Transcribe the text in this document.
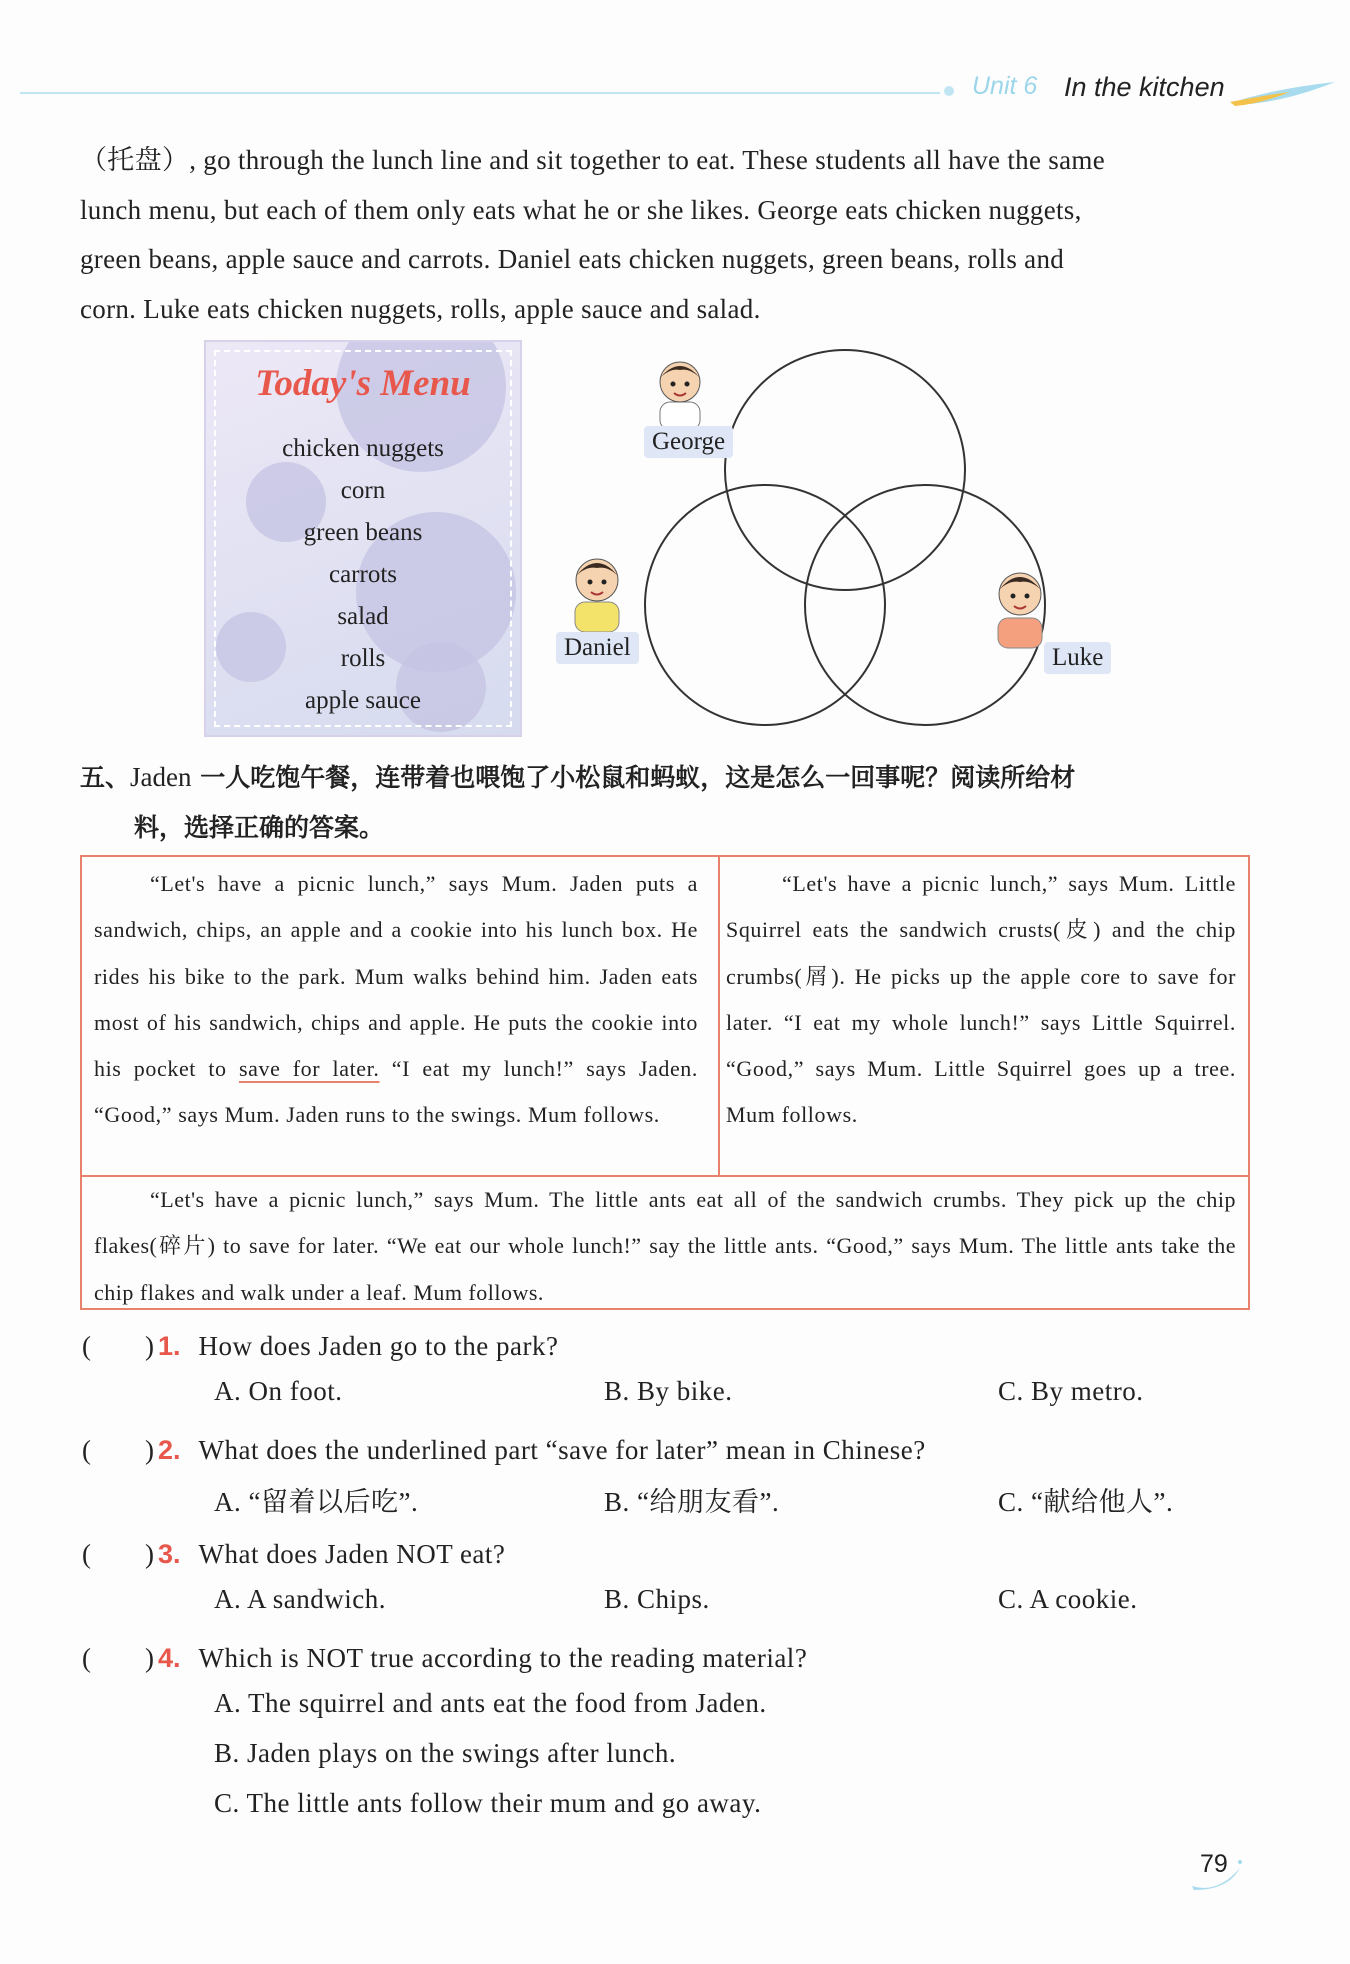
Unit 6 In the kitchen

（托盘）, go through the lunch line and sit together to eat. These students all have the same

lunch menu, but each of them only eats what he or she likes. George eats chicken nuggets,

green beans, apple sauce and carrots. Daniel eats chicken nuggets, green beans, rolls and

corn. Luke eats chicken nuggets, rolls, apple sauce and salad.

Today's Menu
chicken nuggets
corn
green beans
carrots
salad
rolls
apple sauce
George
Daniel	Luke
五、Jaden 一人吃饱午餐，连带着也喂饱了小松鼠和蚂蚁，这是怎么一回事呢？阅读所给材
料，选择正确的答案。

“Let's have a picnic lunch,” says Mum. Jaden puts a sandwich, chips, an apple and a cookie into his lunch box. He rides his bike to the park. Mum walks behind him. Jaden eats most of his sandwich, chips and apple. He puts the cookie into his pocket to save for later. “I eat my lunch!” says Jaden. “Good,” says Mum. Jaden runs to the swings. Mum follows.

“Let's have a picnic lunch,” says Mum. Little Squirrel eats the sandwich crusts(皮) and the chip crumbs(屑). He picks up the apple core to save for later. “I eat my whole lunch!” says Little Squirrel. “Good,” says Mum. Little Squirrel goes up a tree. Mum follows.

“Let's have a picnic lunch,” says Mum. The little ants eat all of the sandwich crumbs. They pick up the chip flakes(碎片) to save for later. “We eat our whole lunch!” say the little ants. “Good,” says Mum. The little ants take the chip flakes and walk under a leaf. Mum follows.

(　　) 1. How does Jaden go to the park?
A. On foot.	B. By bike.	C. By metro.
(　　) 2. What does the underlined part “save for later” mean in Chinese?
A. “留着以后吃”.	B. “给朋友看”.	C. “献给他人”.
(　　) 3. What does Jaden NOT eat?
A. A sandwich.	B. Chips.	C. A cookie.
(　　) 4. Which is NOT true according to the reading material?
A. The squirrel and ants eat the food from Jaden.
B. Jaden plays on the swings after lunch.
C. The little ants follow their mum and go away.
79
